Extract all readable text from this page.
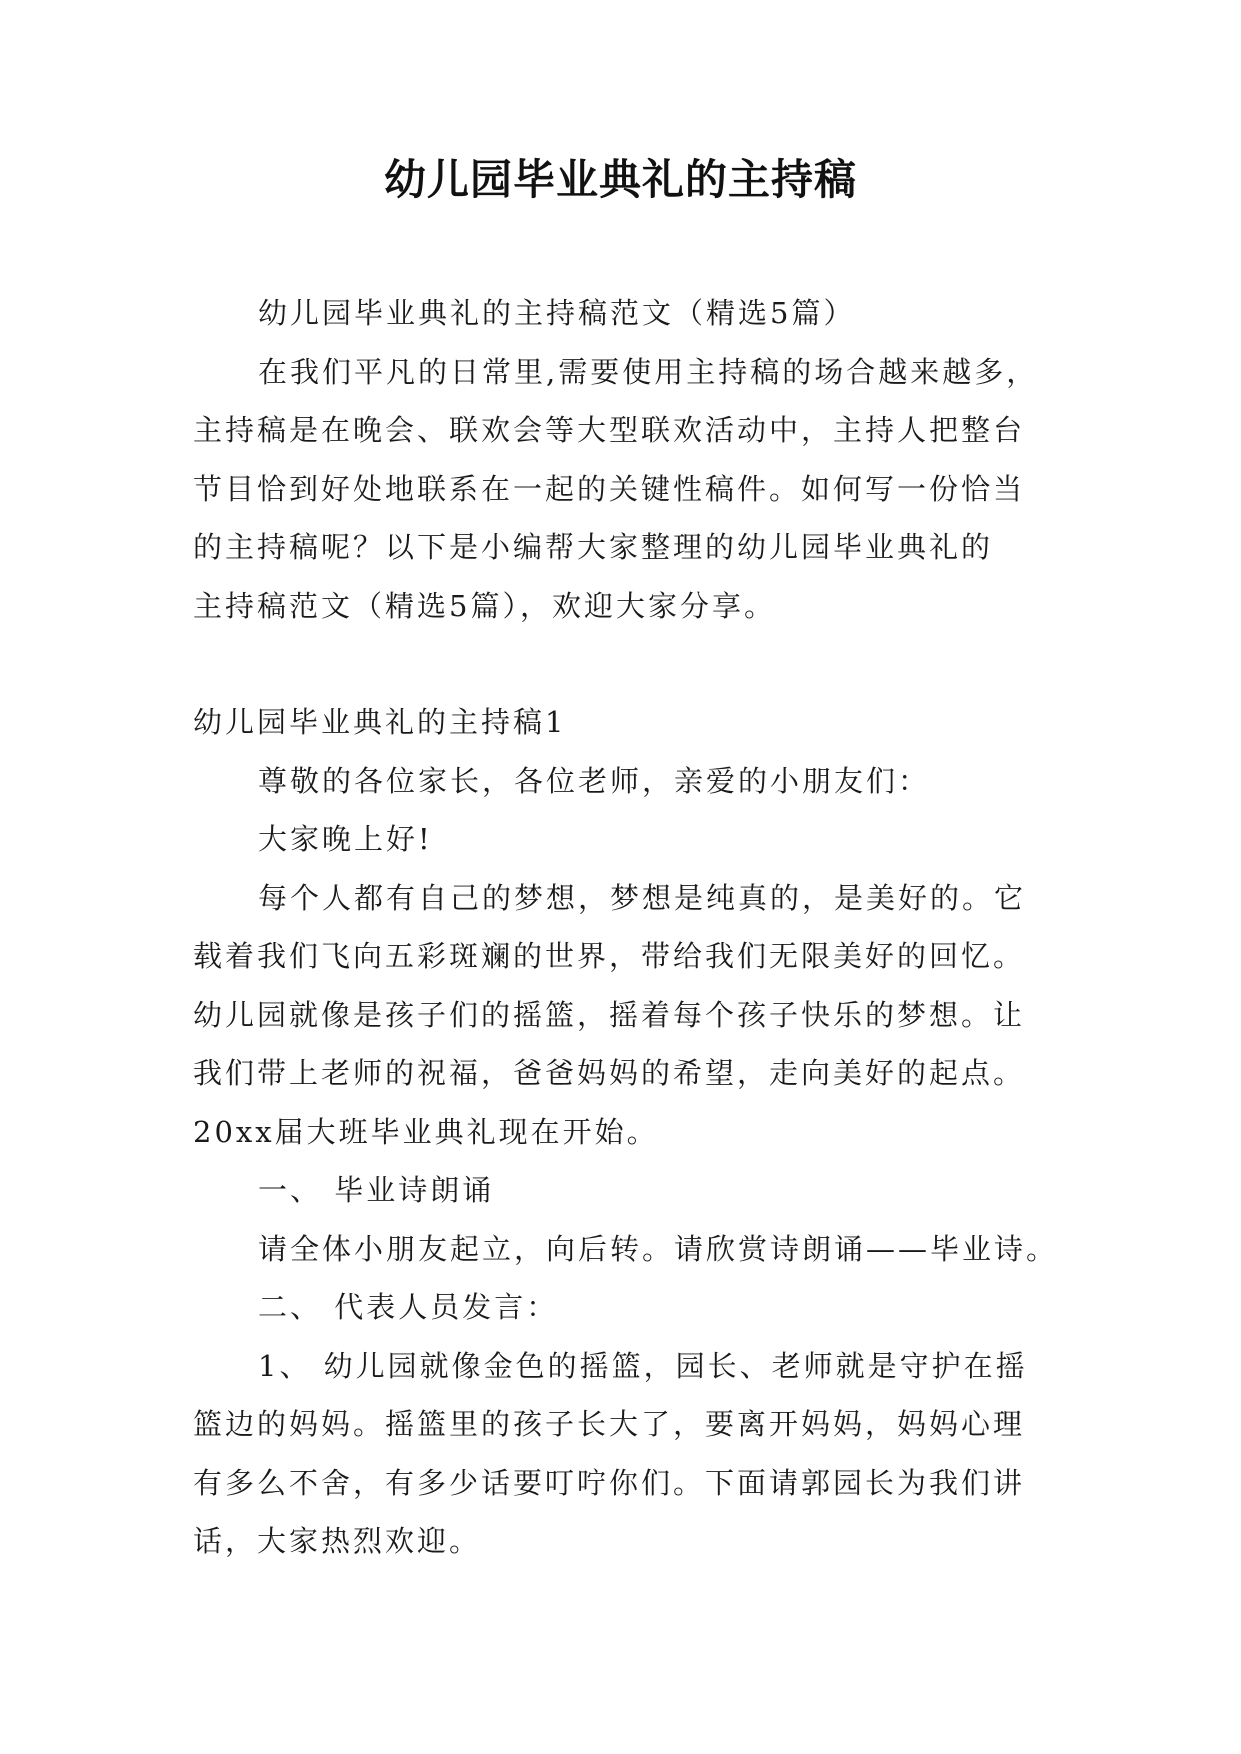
幼儿园毕业典礼的主持稿
幼儿园毕业典礼的主持稿范文（精选5篇）
在我们平凡的日常里,需要使用主持稿的场合越来越多，
主持稿是在晚会、联欢会等大型联欢活动中，主持人把整台
节目恰到好处地联系在一起的关键性稿件。如何写一份恰当
的主持稿呢？以下是小编帮大家整理的幼儿园毕业典礼的
主持稿范文（精选5篇），欢迎大家分享。
幼儿园毕业典礼的主持稿1
尊敬的各位家长，各位老师，亲爱的小朋友们：
大家晚上好!
每个人都有自己的梦想，梦想是纯真的，是美好的。它
载着我们飞向五彩斑斓的世界，带给我们无限美好的回忆。
幼儿园就像是孩子们的摇篮，摇着每个孩子快乐的梦想。让
我们带上老师的祝福，爸爸妈妈的希望，走向美好的起点。
20xx届大班毕业典礼现在开始。
一、 毕业诗朗诵
请全体小朋友起立，向后转。请欣赏诗朗诵——毕业诗。
二、 代表人员发言：
1、 幼儿园就像金色的摇篮，园长、老师就是守护在摇
篮边的妈妈。摇篮里的孩子长大了，要离开妈妈，妈妈心理
有多么不舍，有多少话要叮咛你们。下面请郭园长为我们讲
话，大家热烈欢迎。
